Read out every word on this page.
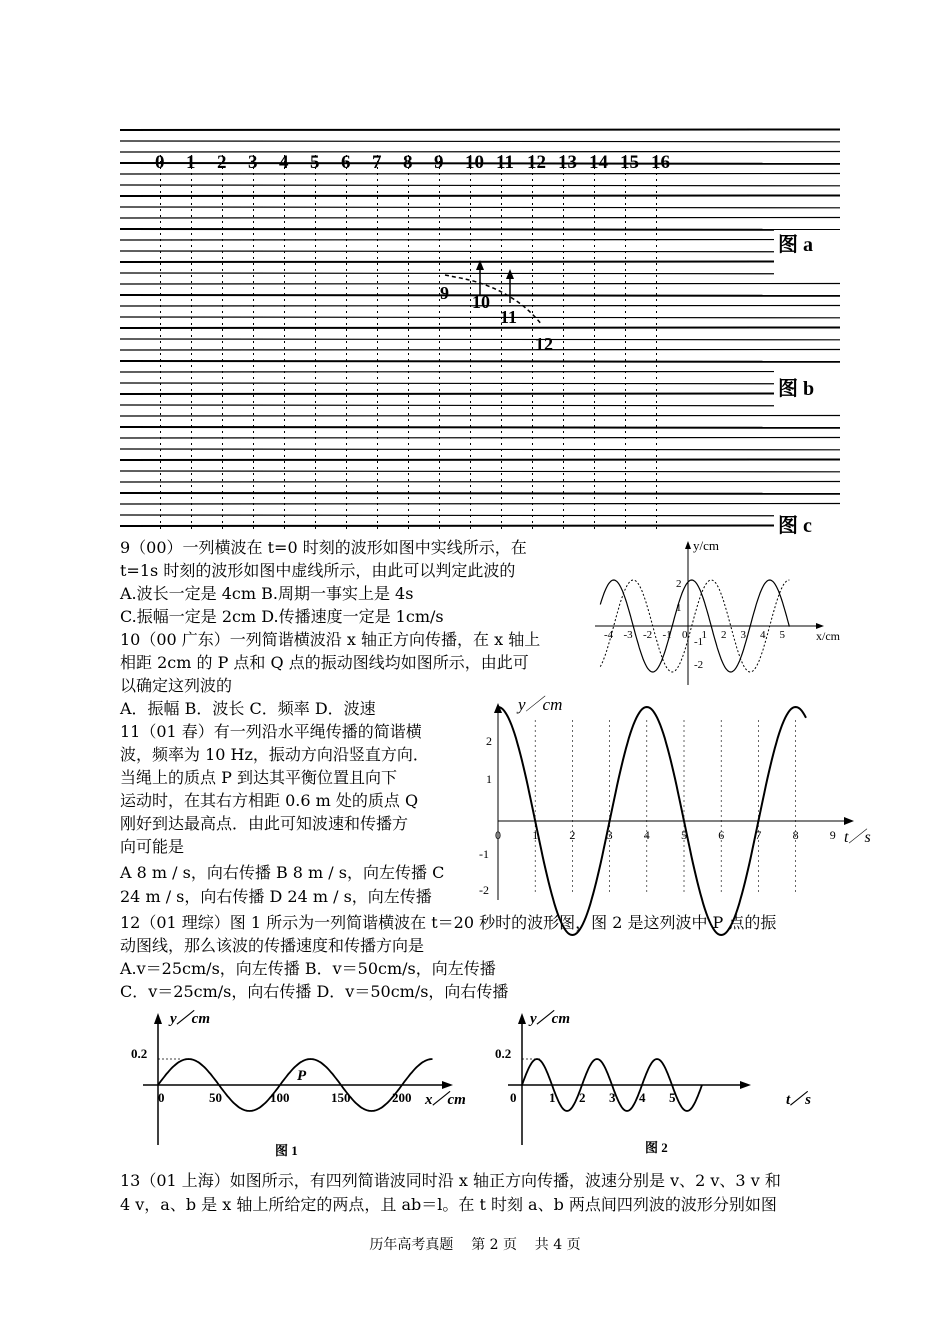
0 1 2 3 4 5 6 7 8 9 10 11 12 13 14 15 16
9 10
11
12
图 a
图 b
图 c
9（00）一列横波在 t=0 时刻的波形如图中实线所示，在
t=1s 时刻的波形如图中虚线所示，由此可以判定此波的
A.波长一定是 4cm B.周期一事实上是 4s
C.振幅一定是 2cm D.传播速度一定是 1cm/s
y/cm
x/cm
-4 -3 -2 -1 0 1 2 3 4 5
2
1
-1
-2
10（00 广东）一列简谐横波沿 x 轴正方向传播，在 x 轴上
相距 2cm 的 P 点和 Q 点的振动图线均如图所示，由此可
以确定这列波的
A．振幅 B．波长 C．频率 D．波速	y／cm
t／s
0	1	2	3	4	5	6	7	8	9
2
1
-1
-2
11（01 春）有一列沿水平绳传播的简谐横
波，频率为 10 Hz，振动方向沿竖直方向．
当绳上的质点 P 到达其平衡位置且向下
运动时，在其右方相距 0.6 m 处的质点 Q
刚好到达最高点．由此可知波速和传播方
向可能是
A 8 m / s，向右传播 B 8 m / s，向左传播 C
24 m / s，向右传播 D 24 m / s，向左传播
12（01 理综）图 1 所示为一列简谐横波在 t＝20 秒时的波形图，图 2 是这列波中 P 点的振
动图线，那么该波的传播速度和传播方向是
A.v＝25cm/s，向左传播 B．v＝50cm/s，向左传播
C．v＝25cm/s，向右传播 D．v＝50cm/s，向右传播
y／cm
x／cm
0.2
0	50	100	150	200
P
图 1
y／cm
t／s
0.2
0	1 2 3 4 5
图 2
13（01 上海）如图所示，有四列简谐波同时沿 x 轴正方向传播，波速分别是 v、2 v、3 v 和
4 v，a、b 是 x 轴上所给定的两点，且 ab＝l。在 t 时刻 a、b 两点间四列波的波形分别如图
历年高考真题    第 2 页    共 4 页
